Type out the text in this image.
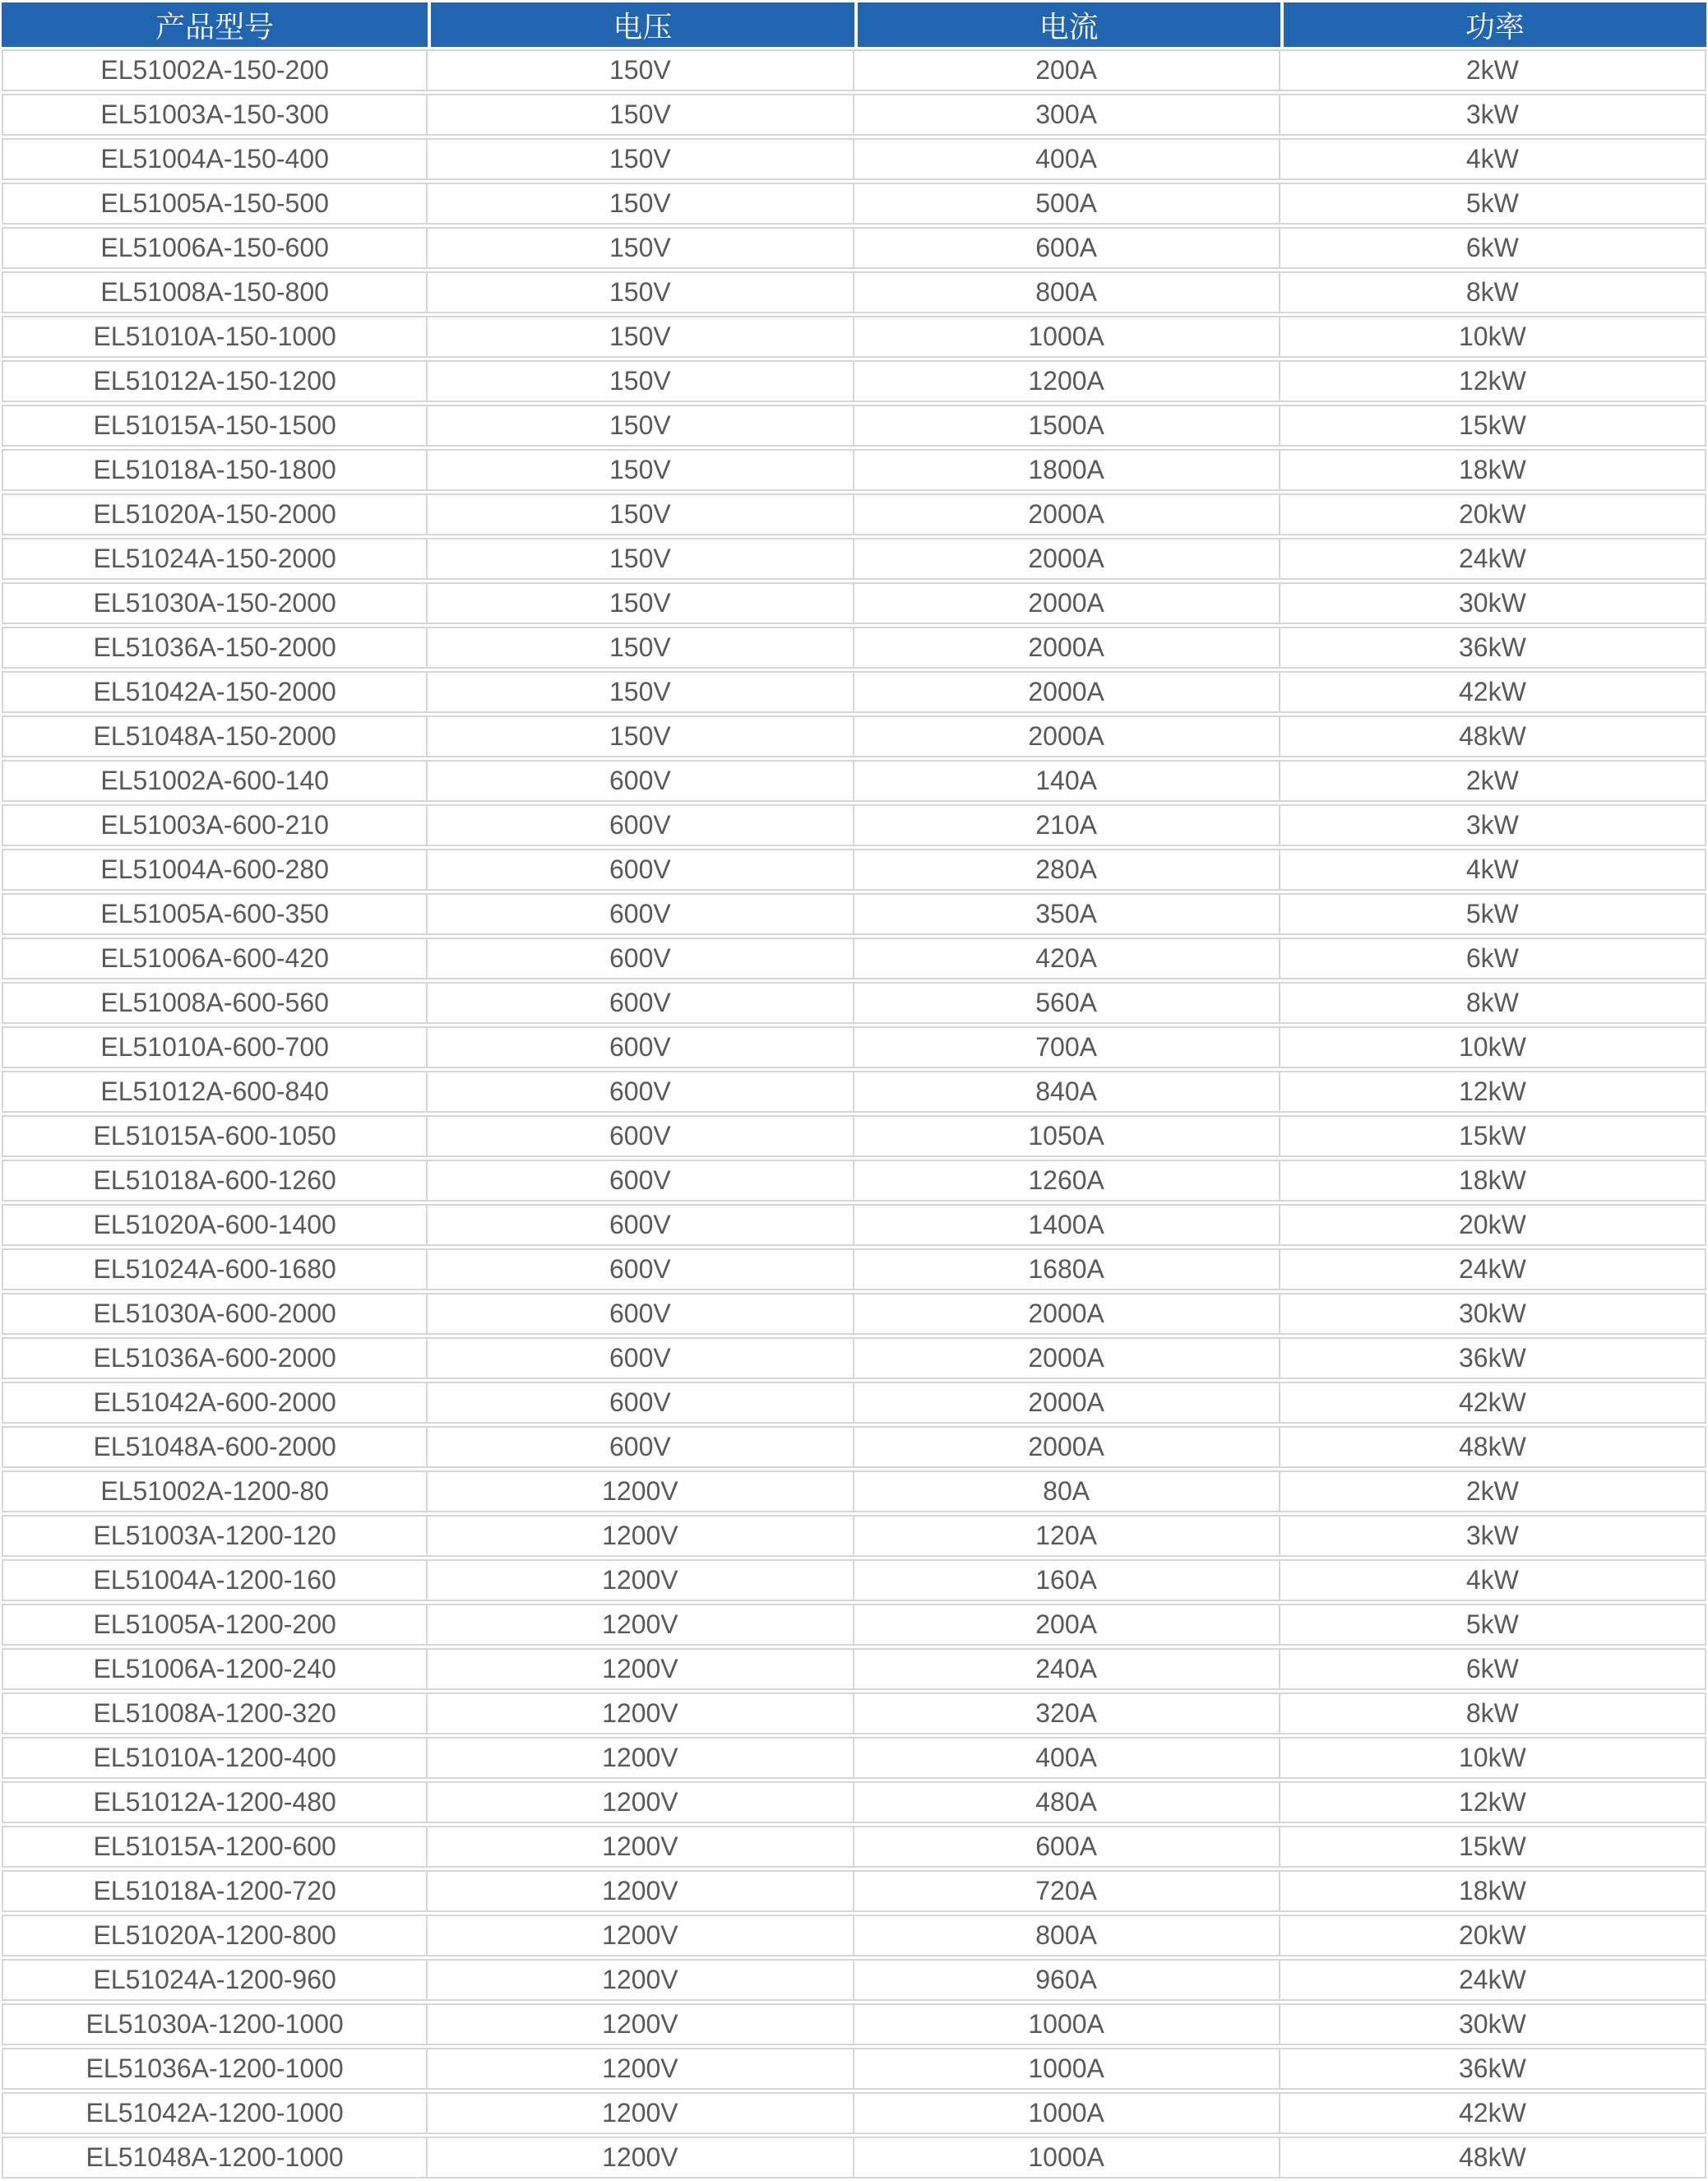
产品型号	电压	电流	功率
EL51002A-150-200	150V	200A	2kW
EL51003A-150-300	150V	300A	3kW
EL51004A-150-400	150V	400A	4kW
EL51005A-150-500	150V	500A	5kW
EL51006A-150-600	150V	600A	6kW
EL51008A-150-800	150V	800A	8kW
EL51010A-150-1000	150V	1000A	10kW
EL51012A-150-1200	150V	1200A	12kW
EL51015A-150-1500	150V	1500A	15kW
EL51018A-150-1800	150V	1800A	18kW
EL51020A-150-2000	150V	2000A	20kW
EL51024A-150-2000	150V	2000A	24kW
EL51030A-150-2000	150V	2000A	30kW
EL51036A-150-2000	150V	2000A	36kW
EL51042A-150-2000	150V	2000A	42kW
EL51048A-150-2000	150V	2000A	48kW
EL51002A-600-140	600V	140A	2kW
EL51003A-600-210	600V	210A	3kW
EL51004A-600-280	600V	280A	4kW
EL51005A-600-350	600V	350A	5kW
EL51006A-600-420	600V	420A	6kW
EL51008A-600-560	600V	560A	8kW
EL51010A-600-700	600V	700A	10kW
EL51012A-600-840	600V	840A	12kW
EL51015A-600-1050	600V	1050A	15kW
EL51018A-600-1260	600V	1260A	18kW
EL51020A-600-1400	600V	1400A	20kW
EL51024A-600-1680	600V	1680A	24kW
EL51030A-600-2000	600V	2000A	30kW
EL51036A-600-2000	600V	2000A	36kW
EL51042A-600-2000	600V	2000A	42kW
EL51048A-600-2000	600V	2000A	48kW
EL51002A-1200-80	1200V	80A	2kW
EL51003A-1200-120	1200V	120A	3kW
EL51004A-1200-160	1200V	160A	4kW
EL51005A-1200-200	1200V	200A	5kW
EL51006A-1200-240	1200V	240A	6kW
EL51008A-1200-320	1200V	320A	8kW
EL51010A-1200-400	1200V	400A	10kW
EL51012A-1200-480	1200V	480A	12kW
EL51015A-1200-600	1200V	600A	15kW
EL51018A-1200-720	1200V	720A	18kW
EL51020A-1200-800	1200V	800A	20kW
EL51024A-1200-960	1200V	960A	24kW
EL51030A-1200-1000	1200V	1000A	30kW
EL51036A-1200-1000	1200V	1000A	36kW
EL51042A-1200-1000	1200V	1000A	42kW
EL51048A-1200-1000	1200V	1000A	48kW
